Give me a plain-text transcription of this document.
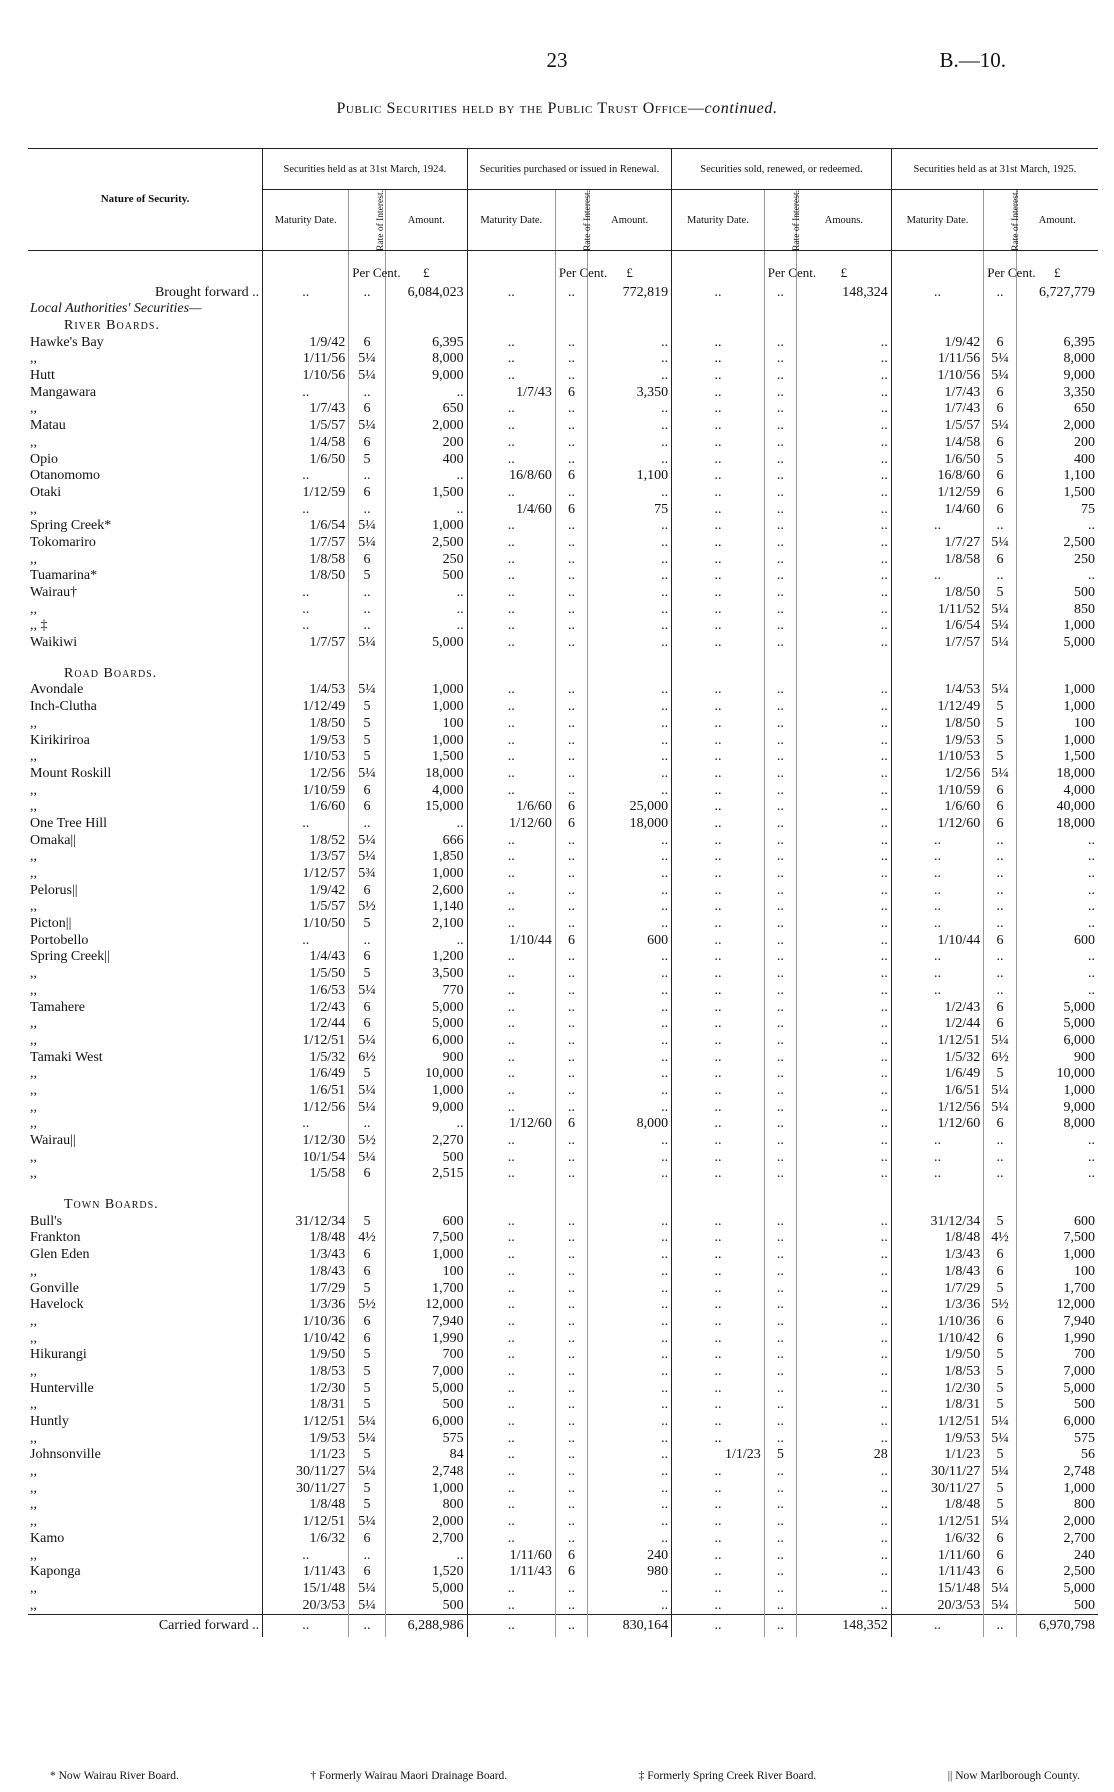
23	B.—10.
Public Securities held by the Public Trust Office—continued.
Nature of Security.	Securities held as at 31st March, 1924.			Securities purchased or issued in Renewal.			Securities sold, renewed, or redeemed.			Securities held as at 31st March, 1925.		
	Maturity Date.	Rate of Interest.	Amount.	Maturity Date.	Rate of Interest.	Amount.	Maturity Date.	Rate of Interest.	Amouns.	Maturity Date.	Rate of Interest.	Amount.
		Per Cent.	£		Per Cent.	£		Per Cent.	£		Per Cent.	£
Brought forward ..	..	..	6,084,023	..	..	772,819	..	..	148,324	..	..	6,727,779
Local Authorities' Securities—												
River Boards.												
Hawke's Bay	1/9/42	6	6,395	..	..	..	..	..	..	1/9/42	6	6,395
,,	1/11/56	5¼	8,000	..	..	..	..	..	..	1/11/56	5¼	8,000
Hutt	1/10/56	5¼	9,000	..	..	..	..	..	..	1/10/56	5¼	9,000
Mangawara	..	..	..	1/7/43	6	3,350	..	..	..	1/7/43	6	3,350
,,	1/7/43	6	650	..	..	..	..	..	..	1/7/43	6	650
Matau	1/5/57	5¼	2,000	..	..	..	..	..	..	1/5/57	5¼	2,000
,,	1/4/58	6	200	..	..	..	..	..	..	1/4/58	6	200
Opio	1/6/50	5	400	..	..	..	..	..	..	1/6/50	5	400
Otanomomo	..	..	..	16/8/60	6	1,100	..	..	..	16/8/60	6	1,100
Otaki	1/12/59	6	1,500	..	..	..	..	..	..	1/12/59	6	1,500
,,	..	..	..	1/4/60	6	75	..	..	..	1/4/60	6	75
Spring Creek*	1/6/54	5¼	1,000	..	..	..	..	..	..	..	..	..
Tokomariro	1/7/57	5¼	2,500	..	..	..	..	..	..	1/7/27	5¼	2,500
,,	1/8/58	6	250	..	..	..	..	..	..	1/8/58	6	250
Tuamarina*	1/8/50	5	500	..	..	..	..	..	..	..	..	..
Wairau†	..	..	..	..	..	..	..	..	..	1/8/50	5	500
,,	..	..	..	..	..	..	..	..	..	1/11/52	5¼	850
,, ‡	..	..	..	..	..	..	..	..	..	1/6/54	5¼	1,000
Waikiwi	1/7/57	5¼	5,000	..	..	..	..	..	..	1/7/57	5¼	5,000

Road Boards.												
Avondale	1/4/53	5¼	1,000	..	..	..	..	..	..	1/4/53	5¼	1,000
Inch-Clutha	1/12/49	5	1,000	..	..	..	..	..	..	1/12/49	5	1,000
,,	1/8/50	5	100	..	..	..	..	..	..	1/8/50	5	100
Kirikiriroa	1/9/53	5	1,000	..	..	..	..	..	..	1/9/53	5	1,000
,,	1/10/53	5	1,500	..	..	..	..	..	..	1/10/53	5	1,500
Mount Roskill	1/2/56	5¼	18,000	..	..	..	..	..	..	1/2/56	5¼	18,000
,,	1/10/59	6	4,000	..	..	..	..	..	..	1/10/59	6	4,000
,,	1/6/60	6	15,000	1/6/60	6	25,000	..	..	..	1/6/60	6	40,000
One Tree Hill	..	..	..	1/12/60	6	18,000	..	..	..	1/12/60	6	18,000
Omaka||	1/8/52	5¼	666	..	..	..	..	..	..	..	..	..
,,	1/3/57	5¼	1,850	..	..	..	..	..	..	..	..	..
,,	1/12/57	5¾	1,000	..	..	..	..	..	..	..	..	..
Pelorus||	1/9/42	6	2,600	..	..	..	..	..	..	..	..	..
,,	1/5/57	5½	1,140	..	..	..	..	..	..	..	..	..
Picton||	1/10/50	5	2,100	..	..	..	..	..	..	..	..	..
Portobello	..	..	..	1/10/44	6	600	..	..	..	1/10/44	6	600
Spring Creek||	1/4/43	6	1,200	..	..	..	..	..	..	..	..	..
,,	1/5/50	5	3,500	..	..	..	..	..	..	..	..	..
,,	1/6/53	5¼	770	..	..	..	..	..	..	..	..	..
Tamahere	1/2/43	6	5,000	..	..	..	..	..	..	1/2/43	6	5,000
,,	1/2/44	6	5,000	..	..	..	..	..	..	1/2/44	6	5,000
,,	1/12/51	5¼	6,000	..	..	..	..	..	..	1/12/51	5¼	6,000
Tamaki West	1/5/32	6½	900	..	..	..	..	..	..	1/5/32	6½	900
,,	1/6/49	5	10,000	..	..	..	..	..	..	1/6/49	5	10,000
,,	1/6/51	5¼	1,000	..	..	..	..	..	..	1/6/51	5¼	1,000
,,	1/12/56	5¼	9,000	..	..	..	..	..	..	1/12/56	5¼	9,000
,,	..	..	..	1/12/60	6	8,000	..	..	..	1/12/60	6	8,000
Wairau||	1/12/30	5½	2,270	..	..	..	..	..	..	..	..	..
,,	10/1/54	5¼	500	..	..	..	..	..	..	..	..	..
,,	1/5/58	6	2,515	..	..	..	..	..	..	..	..	..

Town Boards.												
Bull's	31/12/34	5	600	..	..	..	..	..	..	31/12/34	5	600
Frankton	1/8/48	4½	7,500	..	..	..	..	..	..	1/8/48	4½	7,500
Glen Eden	1/3/43	6	1,000	..	..	..	..	..	..	1/3/43	6	1,000
,,	1/8/43	6	100	..	..	..	..	..	..	1/8/43	6	100
Gonville	1/7/29	5	1,700	..	..	..	..	..	..	1/7/29	5	1,700
Havelock	1/3/36	5½	12,000	..	..	..	..	..	..	1/3/36	5½	12,000
,,	1/10/36	6	7,940	..	..	..	..	..	..	1/10/36	6	7,940
,,	1/10/42	6	1,990	..	..	..	..	..	..	1/10/42	6	1,990
Hikurangi	1/9/50	5	700	..	..	..	..	..	..	1/9/50	5	700
,,	1/8/53	5	7,000	..	..	..	..	..	..	1/8/53	5	7,000
Hunterville	1/2/30	5	5,000	..	..	..	..	..	..	1/2/30	5	5,000
,,	1/8/31	5	500	..	..	..	..	..	..	1/8/31	5	500
Huntly	1/12/51	5¼	6,000	..	..	..	..	..	..	1/12/51	5¼	6,000
,,	1/9/53	5¼	575	..	..	..	..	..	..	1/9/53	5¼	575
Johnsonville	1/1/23	5	84	..	..	..	1/1/23	5	28	1/1/23	5	56
,,	30/11/27	5¼	2,748	..	..	..	..	..	..	30/11/27	5¼	2,748
,,	30/11/27	5	1,000	..	..	..	..	..	..	30/11/27	5	1,000
,,	1/8/48	5	800	..	..	..	..	..	..	1/8/48	5	800
,,	1/12/51	5¼	2,000	..	..	..	..	..	..	1/12/51	5¼	2,000
Kamo	1/6/32	6	2,700	..	..	..	..	..	..	1/6/32	6	2,700
,,	..	..	..	1/11/60	6	240	..	..	..	1/11/60	6	240
Kaponga	1/11/43	6	1,520	1/11/43	6	980	..	..	..	1/11/43	6	2,500
,,	15/1/48	5¼	5,000	..	..	..	..	..	..	15/1/48	5¼	5,000
,,	20/3/53	5¼	500	..	..	..	..	..	..	20/3/53	5¼	500
Carried forward ..	..	..	6,288,986	..	..	830,164	..	..	148,352	..	..	6,970,798
* Now Wairau River Board.	† Formerly Wairau Maori Drainage Board.	‡ Formerly Spring Creek River Board.	|| Now Marlborough County.
